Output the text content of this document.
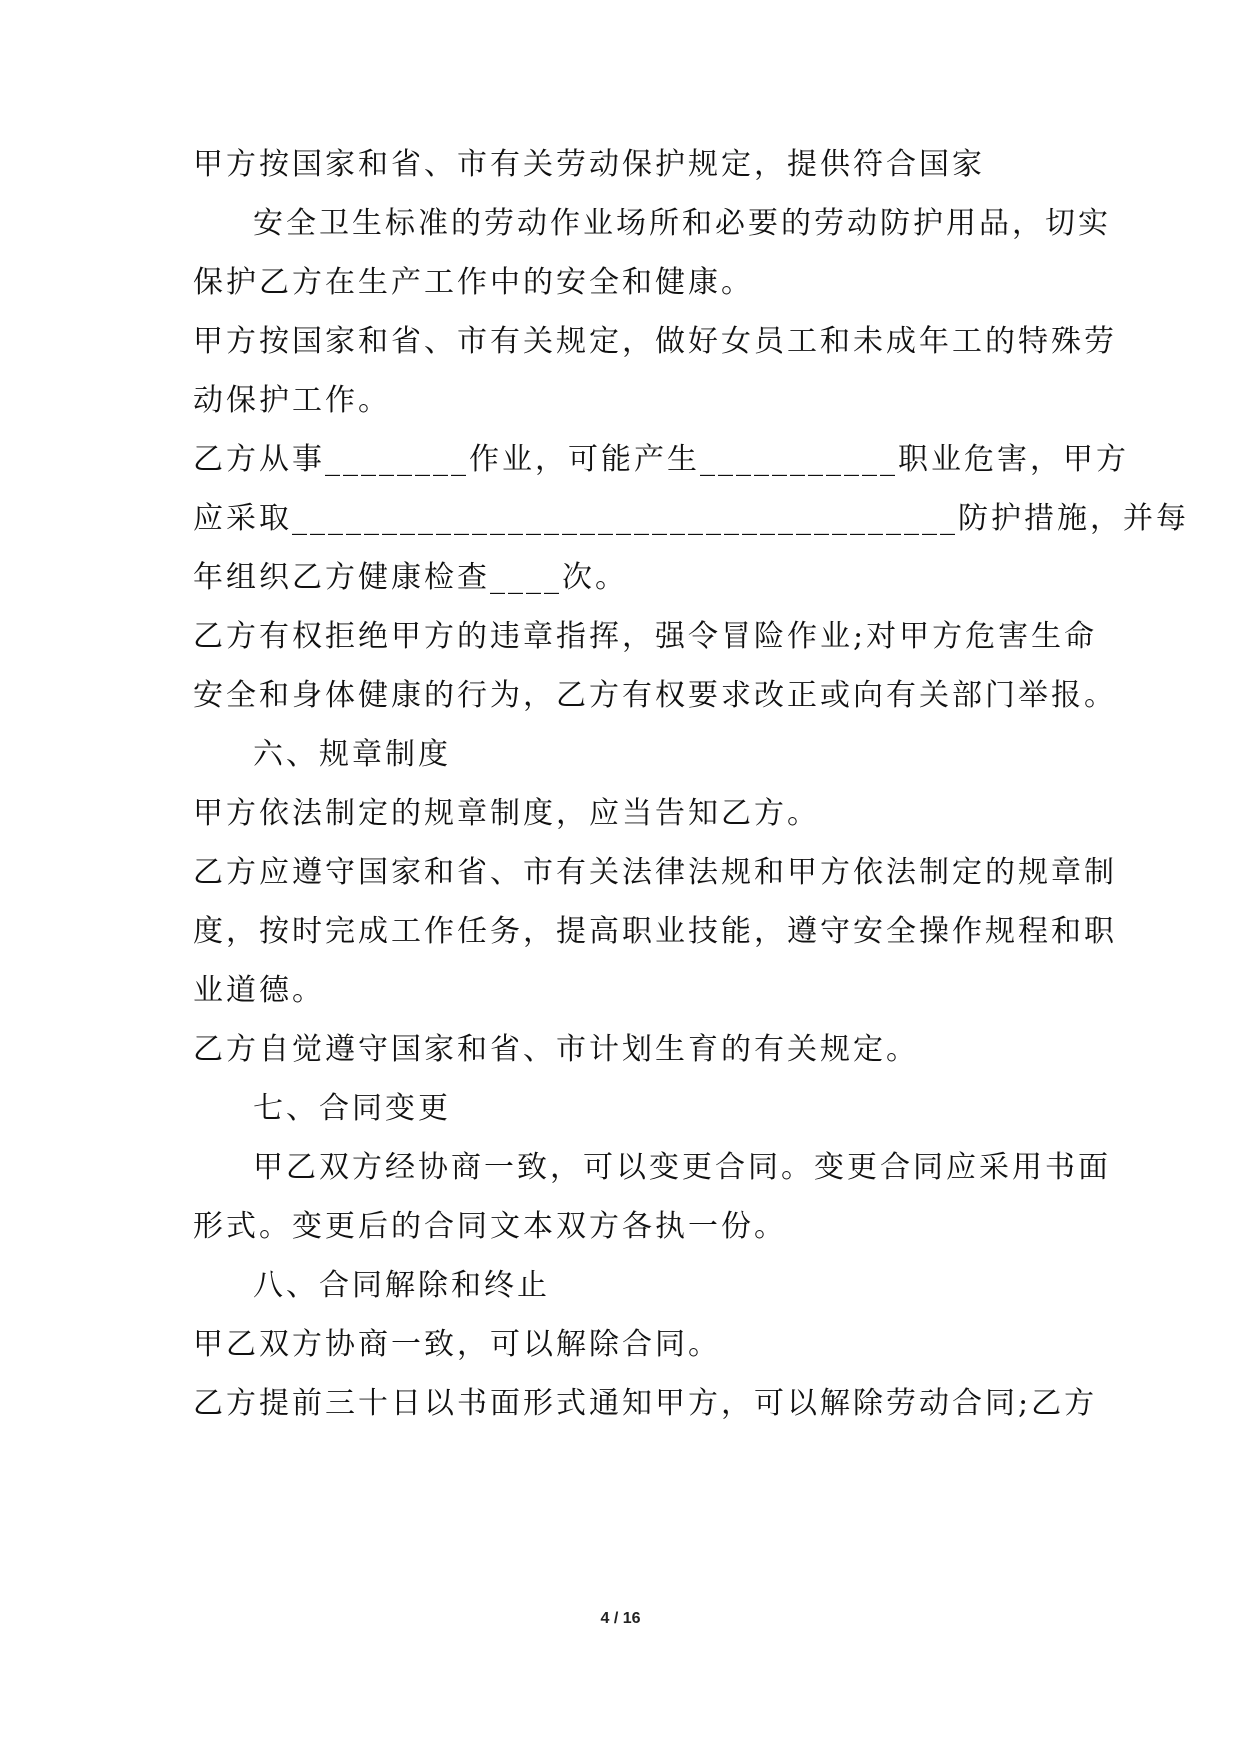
甲方按国家和省、市有关劳动保护规定，提供符合国家
安全卫生标准的劳动作业场所和必要的劳动防护用品，切实
保护乙方在生产工作中的安全和健康。
甲方按国家和省、市有关规定，做好女员工和未成年工的特殊劳
动保护工作。
乙方从事________作业，可能产生___________职业危害，甲方
应采取_____________________________________防护措施，并每
年组织乙方健康检查____次。
乙方有权拒绝甲方的违章指挥，强令冒险作业;对甲方危害生命
安全和身体健康的行为，乙方有权要求改正或向有关部门举报。
六、规章制度
甲方依法制定的规章制度，应当告知乙方。
乙方应遵守国家和省、市有关法律法规和甲方依法制定的规章制
度，按时完成工作任务，提高职业技能，遵守安全操作规程和职
业道德。
乙方自觉遵守国家和省、市计划生育的有关规定。
七、合同变更
甲乙双方经协商一致，可以变更合同。变更合同应采用书面
形式。变更后的合同文本双方各执一份。
八、合同解除和终止
甲乙双方协商一致，可以解除合同。
乙方提前三十日以书面形式通知甲方，可以解除劳动合同;乙方
4 / 16
